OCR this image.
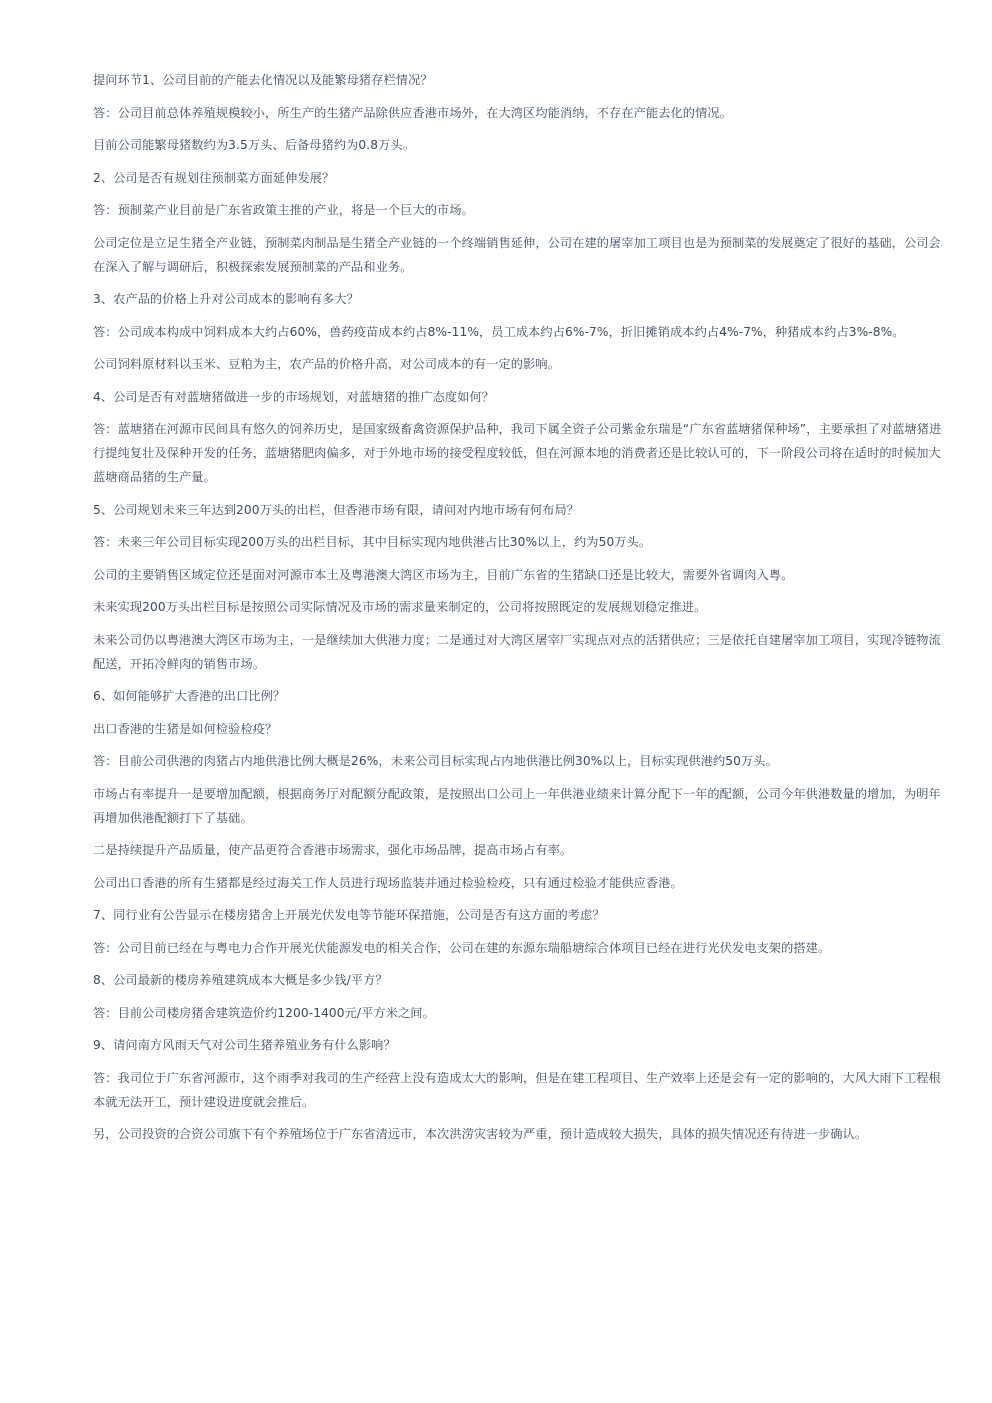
提问环节1、公司目前的产能去化情况以及能繁母猪存栏情况？

答：公司目前总体养殖规模较小，所生产的生猪产品除供应香港市场外，在大湾区均能消纳，不存在产能去化的情况。

目前公司能繁母猪数约为3.5万头、后备母猪约为0.8万头。

2、公司是否有规划往预制菜方面延伸发展？

答：预制菜产业目前是广东省政策主推的产业，将是一个巨大的市场。

公司定位是立足生猪全产业链，预制菜肉制品是生猪全产业链的一个终端销售延伸，公司在建的屠宰加工项目也是为预制菜的发展奠定了很好的基础，公司会在深入了解与调研后，积极探索发展预制菜的产品和业务。

3、农产品的价格上升对公司成本的影响有多大？

答：公司成本构成中饲料成本大约占60%，兽药疫苗成本约占8%-11%，员工成本约占6%-7%，折旧摊销成本约占4%-7%，种猪成本约占3%-8%。

公司饲料原材料以玉米、豆粕为主，农产品的价格升高，对公司成本的有一定的影响。

4、公司是否有对蓝塘猪做进一步的市场规划，对蓝塘猪的推广态度如何？

答：蓝塘猪在河源市民间具有悠久的饲养历史，是国家级畜禽资源保护品种，我司下属全资子公司紫金东瑞是“广东省蓝塘猪保种场”，主要承担了对蓝塘猪进行提纯复壮及保种开发的任务，蓝塘猪肥肉偏多，对于外地市场的接受程度较低，但在河源本地的消费者还是比较认可的，下一阶段公司将在适时的时候加大蓝塘商品猪的生产量。

5、公司规划未来三年达到200万头的出栏，但香港市场有限，请问对内地市场有何布局？

答：未来三年公司目标实现200万头的出栏目标，其中目标实现内地供港占比30%以上，约为50万头。

公司的主要销售区域定位还是面对河源市本土及粤港澳大湾区市场为主，目前广东省的生猪缺口还是比较大，需要外省调肉入粤。

未来实现200万头出栏目标是按照公司实际情况及市场的需求量来制定的，公司将按照既定的发展规划稳定推进。

未来公司仍以粤港澳大湾区市场为主，一是继续加大供港力度；二是通过对大湾区屠宰厂实现点对点的活猪供应；三是依托自建屠宰加工项目，实现冷链物流配送，开拓冷鲜肉的销售市场。

6、如何能够扩大香港的出口比例？

出口香港的生猪是如何检验检疫？

答：目前公司供港的肉猪占内地供港比例大概是26%，未来公司目标实现占内地供港比例30%以上，目标实现供港约50万头。

市场占有率提升一是要增加配额，根据商务厅对配额分配政策，是按照出口公司上一年供港业绩来计算分配下一年的配额，公司今年供港数量的增加，为明年再增加供港配额打下了基础。

二是持续提升产品质量，使产品更符合香港市场需求，强化市场品牌，提高市场占有率。

公司出口香港的所有生猪都是经过海关工作人员进行现场监装并通过检验检疫，只有通过检验才能供应香港。

7、同行业有公告显示在楼房猪舍上开展光伏发电等节能环保措施，公司是否有这方面的考虑？

答：公司目前已经在与粤电力合作开展光伏能源发电的相关合作，公司在建的东源东瑞船塘综合体项目已经在进行光伏发电支架的搭建。

8、公司最新的楼房养殖建筑成本大概是多少钱/平方？

答：目前公司楼房猪舍建筑造价约1200-1400元/平方米之间。

9、请问南方风雨天气对公司生猪养殖业务有什么影响？

答：我司位于广东省河源市，这个雨季对我司的生产经营上没有造成太大的影响，但是在建工程项目、生产效率上还是会有一定的影响的，大风大雨下工程根本就无法开工，预计建设进度就会推后。

另，公司投资的合资公司旗下有个养殖场位于广东省清远市，本次洪涝灾害较为严重，预计造成较大损失，具体的损失情况还有待进一步确认。
